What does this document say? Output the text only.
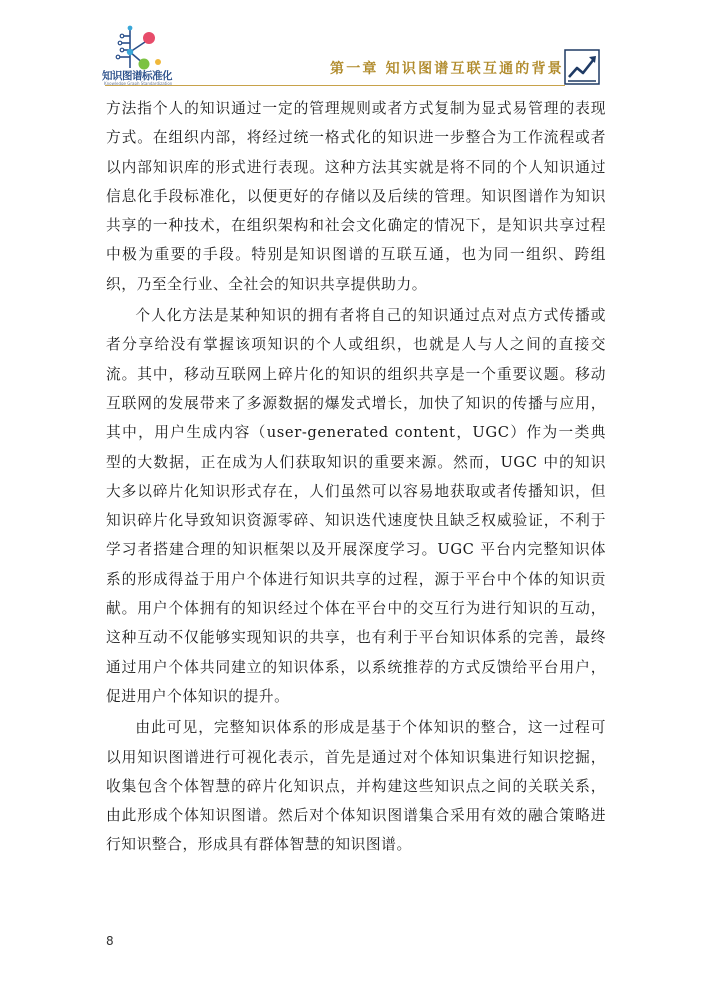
知识图谱标准化
Knowledge Graph Standardization
第一章 知识图谱互联互通的背景

方法指个人的知识通过一定的管理规则或者方式复制为显式易管理的表现方式。在组织内部，将经过统一格式化的知识进一步整合为工作流程或者以内部知识库的形式进行表现。这种方法其实就是将不同的个人知识通过信息化手段标准化，以便更好的存储以及后续的管理。知识图谱作为知识共享的一种技术，在组织架构和社会文化确定的情况下，是知识共享过程中极为重要的手段。特别是知识图谱的互联互通，也为同一组织、跨组织，乃至全行业、全社会的知识共享提供助力。

个人化方法是某种知识的拥有者将自己的知识通过点对点方式传播或者分享给没有掌握该项知识的个人或组织，也就是人与人之间的直接交流。其中，移动互联网上碎片化的知识的组织共享是一个重要议题。移动互联网的发展带来了多源数据的爆发式增长，加快了知识的传播与应用，其中，用户生成内容（user-generated content，UGC）作为一类典型的大数据，正在成为人们获取知识的重要来源。然而，UGC 中的知识大多以碎片化知识形式存在，人们虽然可以容易地获取或者传播知识，但知识碎片化导致知识资源零碎、知识迭代速度快且缺乏权威验证，不利于学习者搭建合理的知识框架以及开展深度学习。UGC 平台内完整知识体系的形成得益于用户个体进行知识共享的过程，源于平台中个体的知识贡献。用户个体拥有的知识经过个体在平台中的交互行为进行知识的互动，这种互动不仅能够实现知识的共享，也有利于平台知识体系的完善，最终通过用户个体共同建立的知识体系，以系统推荐的方式反馈给平台用户，促进用户个体知识的提升。

由此可见，完整知识体系的形成是基于个体知识的整合，这一过程可以用知识图谱进行可视化表示，首先是通过对个体知识集进行知识挖掘，收集包含个体智慧的碎片化知识点，并构建这些知识点之间的关联关系，由此形成个体知识图谱。然后对个体知识图谱集合采用有效的融合策略进行知识整合，形成具有群体智慧的知识图谱。

8
